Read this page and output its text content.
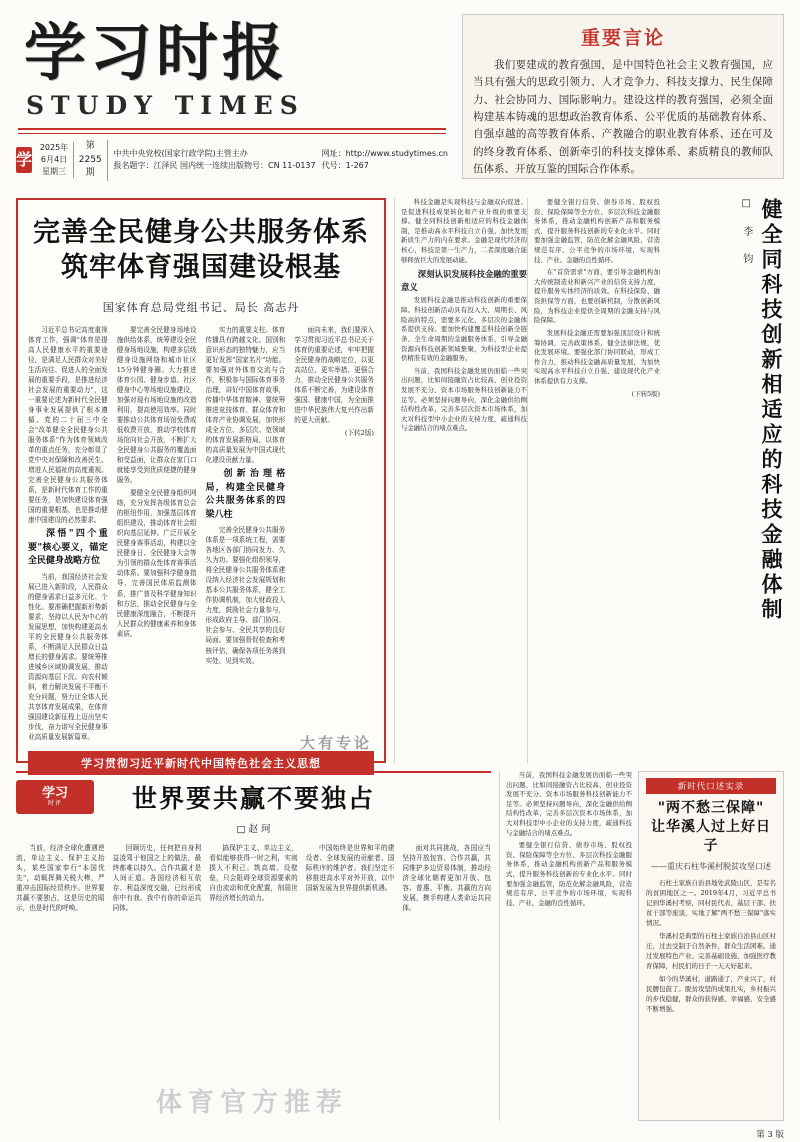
学习时报
STUDY TIMES
学
2025年6月4日
星期三
第 2255 期
中共中央党校(国家行政学院)主管主办
报名题字：江泽民 国内统一连续出版物号：CN 11-0137
网址：http://www.studytimes.cn
代号：1-267
重要言论

我们要建成的教育强国，是中国特色社会主义教育强国，应当具有强大的思政引领力、人才竞争力、科技支撑力、民生保障力、社会协同力、国际影响力。建设这样的教育强国，必须全面构建基本铸魂的思想政治教育体系、公平优质的基础教育体系、自强卓越的高等教育体系、产教融合的职业教育体系、还在可及的终身教育体系、创新牵引的科技支撑体系、素质精良的教师队伍体系、开放互鉴的国际合作体系。

完善全民健身公共服务体系
筑牢体育强国建设根基
国家体育总局党组书记、局长 高志丹

习近平总书记高度重视体育工作，强调"体育是提高人民健康水平的重要途径，是满足人民群众对美好生活向往、促进人的全面发展的重要手段，是推进经济社会发展的重要动力"，这一重要论述为新时代全民健身事业发展提供了根本遵循。党的二十届三中全会"改革健全全民健身公共服务体系"作为体育领域改革的重点任务，充分彰显了党中央对保障和改善民生、增进人民福祉的高度重视。完善全民健身公共服务体系，是新时代体育工作的重要任务，是加快建设体育强国的重要根基，也是推动健康中国建设的必然要求。

深悟"四个重要"核心要义，锚定全民健身战略方位

当前，我国经济社会发展已进入新阶段，人民群众的健身需求日益多元化、个性化。要准确把握新形势新要求，坚持以人民为中心的发展思想，加快构建更高水平的全民健身公共服务体系，不断满足人民群众日益增长的健身需求。要统筹推进城乡区域协调发展，推动资源向基层下沉、向农村倾斜，着力解决发展不平衡不充分问题，努力让全体人民共享体育发展成果，在体育强国建设新征程上迈出坚实步伐，奋力谱写全民健身事业高质量发展新篇章。

要完善全民健身场地设施供给体系，统筹建设全民健身场地设施，构建多层级健身设施网络和城市社区15分钟健身圈。大力推进体育公园、健身步道、社区健身中心等场地设施建设，加强对现有场地设施的改造利用，提高使用效率。同时要推动公共体育场馆免费或低收费开放，推动学校体育场馆向社会开放，不断扩大全民健身公共服务的覆盖面和受益面，让群众在家门口就能享受到优质便捷的健身服务。

要健全全民健身组织网络，充分发挥各级体育总会的枢纽作用，加强基层体育组织建设，推动体育社会组织向基层延伸。广泛开展全民健身赛事活动，构建以全民健身日、全民健身大会等为引领的群众性体育赛事活动体系。要加强科学健身指导，完善国民体质监测体系，推广普及科学健身知识和方法，推动全民健身与全民健康深度融合，不断提升人民群众的健康素养和身体素质。

实力的重要支柱。体育传播具有跨越文化、国别和意识形态的独特魅力，应当更好发挥"国家名片"功能。要加强对外体育交流与合作，积极参与国际体育事务治理，讲好中国体育故事，传播中华体育精神。要统筹推进竞技体育、群众体育和体育产业协调发展，加快形成全方位、多层次、宽领域的体育发展新格局，以体育的高质量发展为中国式现代化建设贡献力量。

创新治理格局，构建全民健身公共服务体系的四梁八柱

完善全民健身公共服务体系是一项系统工程，需要各地区各部门协同发力、久久为功。要强化组织领导，将全民健身公共服务体系建设纳入经济社会发展规划和基本公共服务体系，健全工作协调机制，加大财政投入力度，鼓励社会力量参与，形成政府主导、部门协同、社会参与、全民共享的良好局面。要加强督促检查和考核评估，确保各项任务落到实处、见到实效。

面向未来，我们要深入学习贯彻习近平总书记关于体育的重要论述，牢牢把握全民健身的战略定位，以更高站位、更实举措、更强合力，推动全民健身公共服务体系不断完善，为建设体育强国、健康中国，为全面推进中华民族伟大复兴作出新的更大贡献。

(下转2版)

学习贯彻习近平新时代中国特色社会主义思想
大有专论

科技金融是实现科技与金融双向促进、是促进科技成果转化和产业升级的重要支撑。健全同科技创新相适应的科技金融体制，是推动高水平科技自立自强、加快发展新质生产力的内在要求。金融是现代经济的核心，科技是第一生产力，二者深度融合能够释放巨大的发展动能。

深刻认识发展科技金融的重要意义

发展科技金融是推动科技创新的重要保障。科技创新活动具有投入大、周期长、风险高的特点，需要多元化、多层次的金融体系提供支持。要加快构建覆盖科技创新全链条、全生命周期的金融服务体系，引导金融资源向科技创新领域集聚，为科技型企业提供精准有效的金融服务。

当前，我国科技金融发展仍面临一些突出问题，比如间接融资占比较高、创业投资发展不充分、资本市场服务科技创新能力不足等。必须坚持问题导向，深化金融供给侧结构性改革，完善多层次资本市场体系，加大对科技型中小企业的支持力度，疏通科技与金融结合的堵点难点。

要健全银行信贷、债券市场、股权投资、保险保障等全方位、多层次科技金融服务体系，推动金融机构创新产品和服务模式，提升服务科技创新的专业化水平。同时要加强金融监管，防范化解金融风险，营造规范有序、公平竞争的市场环境，实现科技、产业、金融的良性循环。

在"首贷需求"方面，要引导金融机构加大传统制造业和新兴产业的信贷支持力度，提升服务实体经济的质效。在科技保险、融资担保等方面，也要创新机制，分散创新风险，为科技企业提供全周期的金融支持与风险保障。

发展科技金融还需要加强顶层设计和统筹协调，完善政策体系，健全法律法规，优化发展环境。要强化部门协同联动，形成工作合力，推动科技金融高质量发展，为加快实现高水平科技自立自强、建设现代化产业体系提供有力支撑。

(下转5版)	健全同科技创新相适应的科技金融体制
□ 李 钧
学习
时评	世界要共赢不要独占
□ 赵 珂

当前，经济全球化遭遇逆流，单边主义、保护主义抬头，某些国家奉行"本国优先"，动辄挥舞关税大棒，严重冲击国际经贸秩序。世界要共赢不要独占，这是历史的昭示，也是时代的呼唤。

回顾历史，任何把自身利益凌驾于他国之上的做法，最终都难以持久。合作共赢才是人间正道。各国经济相互依存、利益深度交融，已经形成你中有我、我中有你的命运共同体。

搞保护主义、单边主义，看似能够获得一时之利，实则损人不利己。筑高墙、设壁垒，只会阻碍全球资源要素的自由流动和优化配置，削弱世界经济增长的动力。

中国始终是世界和平的建设者、全球发展的贡献者、国际秩序的维护者。我们坚定不移推进高水平对外开放，以中国新发展为世界提供新机遇。

面对共同挑战，各国应当坚持开放包容、合作共赢，共同维护多边贸易体制，推动经济全球化朝着更加开放、包容、普惠、平衡、共赢的方向发展，携手构建人类命运共同体。

体育官方推荐

当前，我国科技金融发展仍面临一些突出问题，比如间接融资占比较高、创业投资发展不充分、资本市场服务科技创新能力不足等。必须坚持问题导向，深化金融供给侧结构性改革，完善多层次资本市场体系，加大对科技型中小企业的支持力度，疏通科技与金融结合的堵点难点。

要健全银行信贷、债券市场、股权投资、保险保障等全方位、多层次科技金融服务体系，推动金融机构创新产品和服务模式，提升服务科技创新的专业化水平。同时要加强金融监管，防范化解金融风险，营造规范有序、公平竞争的市场环境，实现科技、产业、金融的良性循环。

新时代口述实录
"两不愁三保障"
让华溪人过上好日子
——重庆石柱华溪村脱贫攻坚口述

石柱土家族自治县地处武陵山区，是有名的贫困地区之一。2019年4月，习近平总书记到华溪村考察，同村民代表、基层干部、扶贫干部等座谈，实地了解"两不愁三保障"落实情况。

华溪村是典型的石柱土家族自治县山区村庄，过去受制于自然条件，群众生活困难。通过发展特色产业、完善基础设施、加强医疗教育保障，村民们的日子一天天好起来。

如今的华溪村，道路通了，产业兴了，村民腰包鼓了。脱贫攻坚的成果扎实，乡村振兴的步伐稳健，群众的获得感、幸福感、安全感不断增强。

第 3 版
